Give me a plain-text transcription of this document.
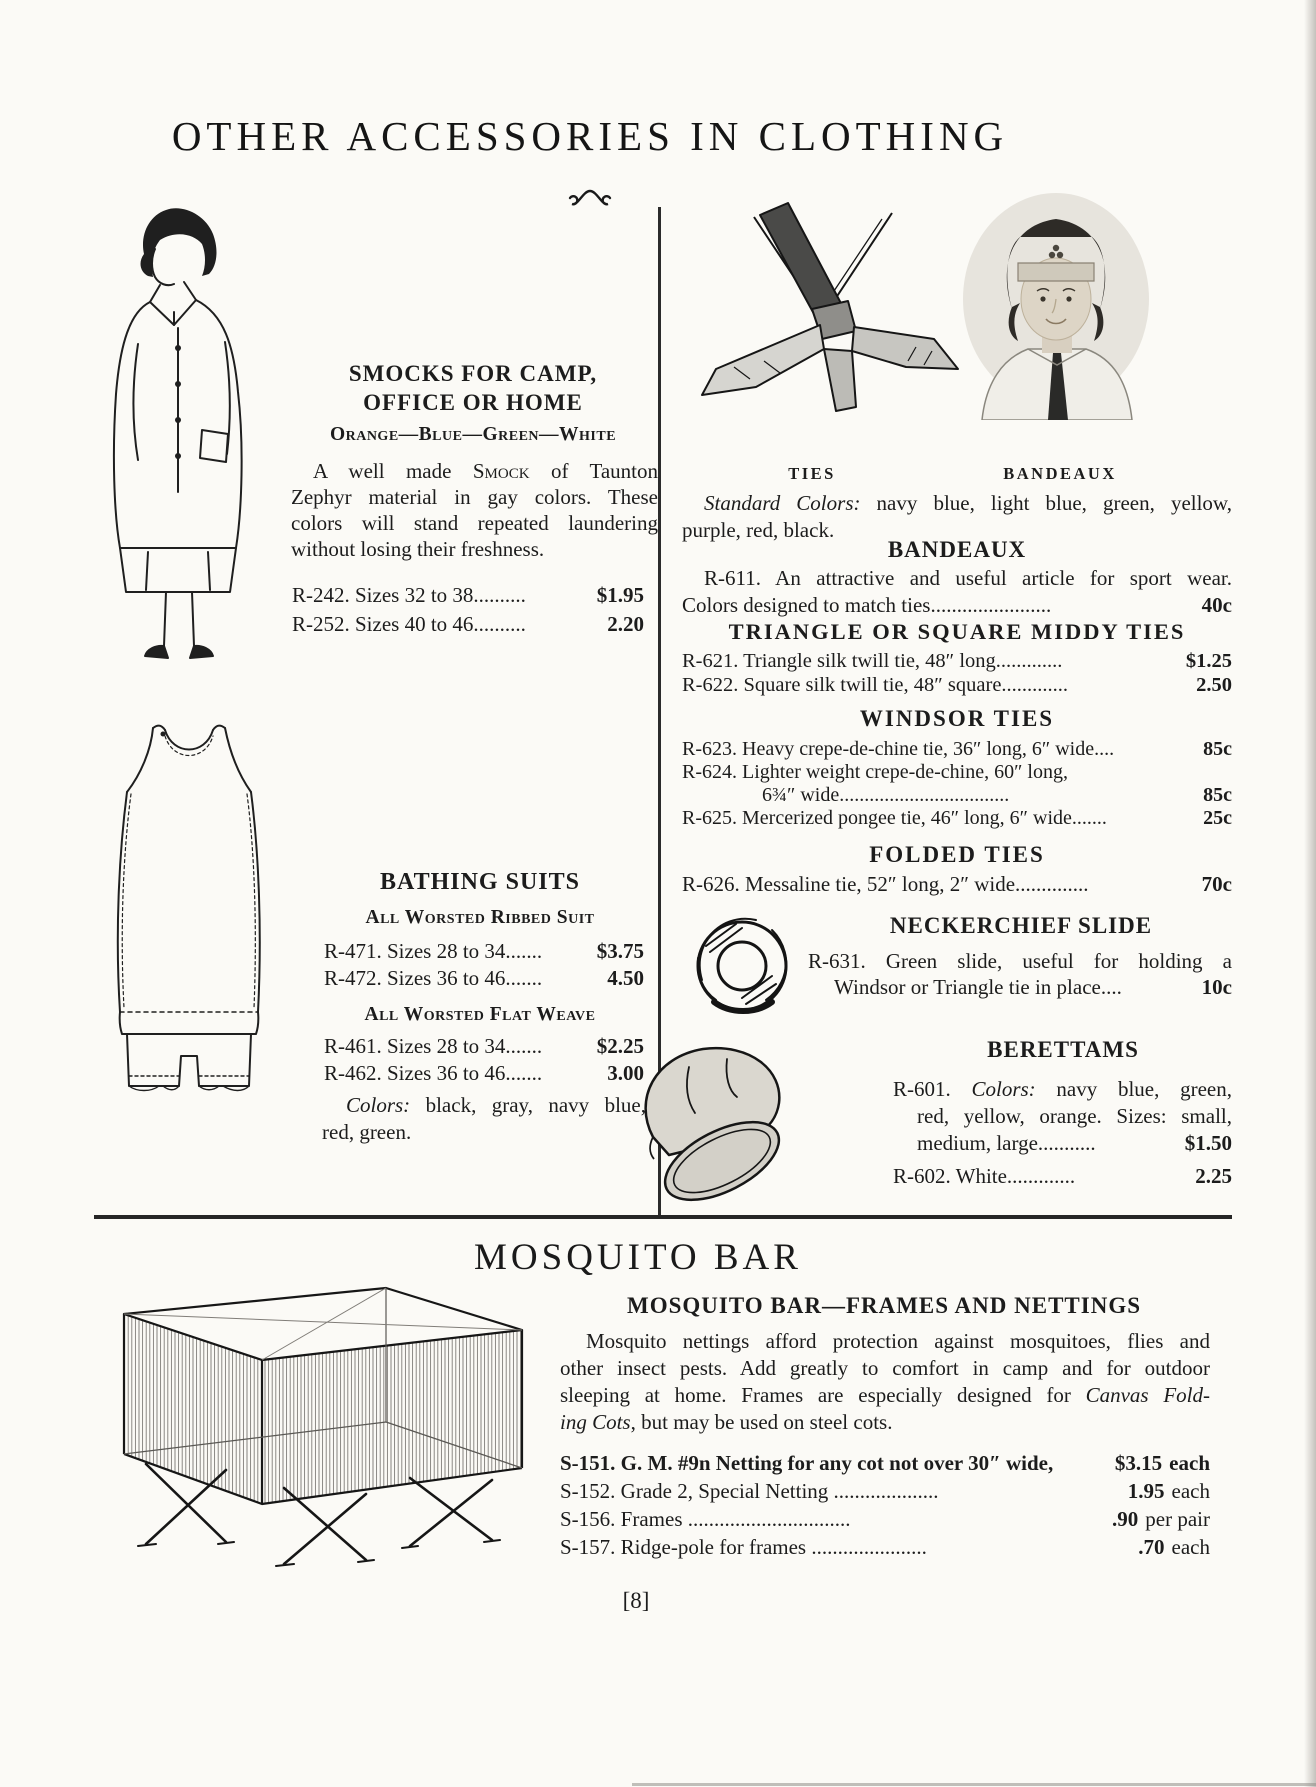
OTHER ACCESSORIES IN CLOTHING
SMOCKS FOR CAMP,
OFFICE OR HOME
Orange—Blue—Green—White
A well made Smock of Taunton
Zephyr material in gay colors. These
colors will stand repeated laundering
without losing their freshness.
R-242. Sizes 32 to 38..........	$1.95
R-252. Sizes 40 to 46..........	2.20
BATHING SUITS
All Worsted Ribbed Suit
R-471. Sizes 28 to 34.......	$3.75
R-472. Sizes 36 to 46.......	4.50
All Worsted Flat Weave
R-461. Sizes 28 to 34.......	$2.25
R-462. Sizes 36 to 46.......	3.00
Colors: black, gray, navy blue,
red, green.
TIES	BANDEAUX
Standard Colors: navy blue, light blue, green, yellow,
purple, red, black.
BANDEAUX
R-611. An attractive and useful article for sport wear.
Colors designed to match ties.......................	40c
TRIANGLE OR SQUARE MIDDY TIES
R-621. Triangle silk twill tie, 48″ long.............	$1.25
R-622. Square silk twill tie, 48″ square.............	2.50
WINDSOR TIES
R-623. Heavy crepe-de-chine tie, 36″ long, 6″ wide....	85c
R-624. Lighter weight crepe-de-chine, 60″ long,
6¾″ wide..................................	85c
R-625. Mercerized pongee tie, 46″ long, 6″ wide.......	25c
FOLDED TIES
R-626. Messaline tie, 52″ long, 2″ wide..............	70c
NECKERCHIEF SLIDE
R-631. Green slide, useful for holding a
Windsor or Triangle tie in place....	10c
BERETTAMS
R-601. Colors: navy blue, green,
red, yellow, orange. Sizes: small,
medium, large...........	$1.50
R-602. White.............	2.25
MOSQUITO BAR
MOSQUITO BAR—FRAMES AND NETTINGS
Mosquito nettings afford protection against mosquitoes, flies and
other insect pests. Add greatly to comfort in camp and for outdoor
sleeping at home. Frames are especially designed for Canvas Fold-
ing Cots, but may be used on steel cots.
S-151. G. M. #9n Netting for any cot not over 30″ wide,	$3.15 each
S-152. Grade 2, Special Netting ....................	1.95 each
S-156. Frames ...............................	.90 per pair
S-157. Ridge-pole for frames ......................	.70 each
[8]
